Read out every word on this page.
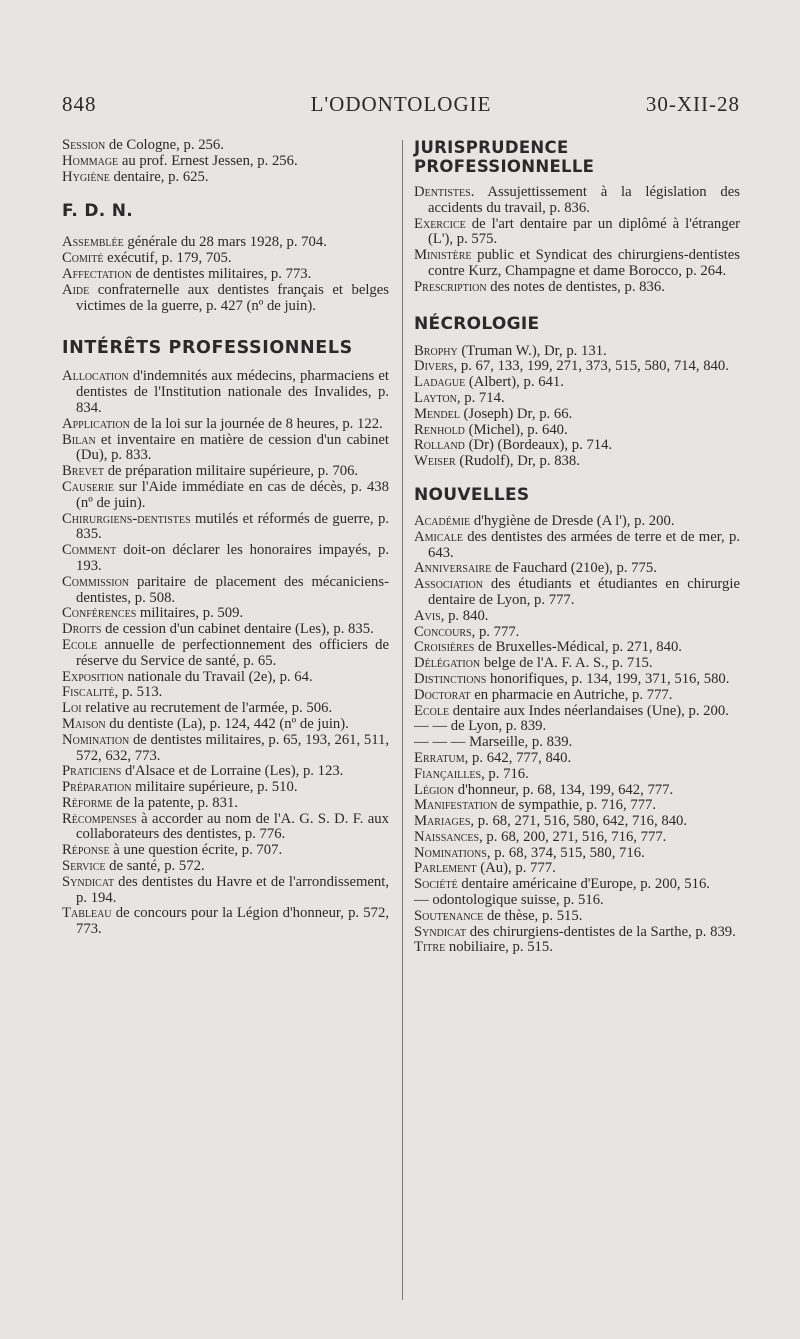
848	L'ODONTOLOGIE	30-XII-28

Session de Cologne, p. 256.

Hommage au prof. Ernest Jessen, p. 256.

Hygiène dentaire, p. 625.

F. D. N.

Assemblée générale du 28 mars 1928, p. 704.

Comité exécutif, p. 179, 705.

Affectation de dentistes militaires, p. 773.

Aide confraternelle aux dentistes français et belges victimes de la guerre, p. 427 (nº de juin).

INTÉRÊTS PROFESSIONNELS

Allocation d'indemnités aux médecins, pharmaciens et dentistes de l'Institution nationale des Invalides, p. 834.

Application de la loi sur la journée de 8 heures, p. 122.

Bilan et inventaire en matière de cession d'un cabinet (Du), p. 833.

Brevet de préparation militaire supérieure, p. 706.

Causerie sur l'Aide immédiate en cas de décès, p. 438 (nº de juin).

Chirurgiens-dentistes mutilés et réformés de guerre, p. 835.

Comment doit-on déclarer les honoraires impayés, p. 193.

Commission paritaire de placement des mécaniciens-dentistes, p. 508.

Conférences militaires, p. 509.

Droits de cession d'un cabinet dentaire (Les), p. 835.

Ecole annuelle de perfectionnement des officiers de réserve du Service de santé, p. 65.

Exposition nationale du Travail (2e), p. 64.

Fiscalité, p. 513.

Loi relative au recrutement de l'armée, p. 506.

Maison du dentiste (La), p. 124, 442 (nº de juin).

Nomination de dentistes militaires, p. 65, 193, 261, 511, 572, 632, 773.

Praticiens d'Alsace et de Lorraine (Les), p. 123.

Préparation militaire supérieure, p. 510.

Réforme de la patente, p. 831.

Récompenses à accorder au nom de l'A. G. S. D. F. aux collaborateurs des dentistes, p. 776.

Réponse à une question écrite, p. 707.

Service de santé, p. 572.

Syndicat des dentistes du Havre et de l'arrondissement, p. 194.

Tableau de concours pour la Légion d'honneur, p. 572, 773.

JURISPRUDENCE PROFESSIONNELLE

Dentistes. Assujettissement à la législation des accidents du travail, p. 836.

Exercice de l'art dentaire par un diplômé à l'étranger (L'), p. 575.

Ministère public et Syndicat des chirurgiens-dentistes contre Kurz, Champagne et dame Borocco, p. 264.

Prescription des notes de dentistes, p. 836.

NÉCROLOGIE

Brophy (Truman W.), Dr, p. 131.

Divers, p. 67, 133, 199, 271, 373, 515, 580, 714, 840.

Ladague (Albert), p. 641.

Layton, p. 714.

Mendel (Joseph) Dr, p. 66.

Renhold (Michel), p. 640.

Rolland (Dr) (Bordeaux), p. 714.

Weiser (Rudolf), Dr, p. 838.

NOUVELLES

Académie d'hygiène de Dresde (A l'), p. 200.

Amicale des dentistes des armées de terre et de mer, p. 643.

Anniversaire de Fauchard (210e), p. 775.

Association des étudiants et étudiantes en chirurgie dentaire de Lyon, p. 777.

Avis, p. 840.

Concours, p. 777.

Croisières de Bruxelles-Médical, p. 271, 840.

Délégation belge de l'A. F. A. S., p. 715.

Distinctions honorifiques, p. 134, 199, 371, 516, 580.

Doctorat en pharmacie en Autriche, p. 777.

Ecole dentaire aux Indes néerlandaises (Une), p. 200.

— — de Lyon, p. 839.

— — — Marseille, p. 839.

Erratum, p. 642, 777, 840.

Fiançailles, p. 716.

Légion d'honneur, p. 68, 134, 199, 642, 777.

Manifestation de sympathie, p. 716, 777.

Mariages, p. 68, 271, 516, 580, 642, 716, 840.

Naissances, p. 68, 200, 271, 516, 716, 777.

Nominations, p. 68, 374, 515, 580, 716.

Parlement (Au), p. 777.

Société dentaire américaine d'Europe, p. 200, 516.

— odontologique suisse, p. 516.

Soutenance de thèse, p. 515.

Syndicat des chirurgiens-dentistes de la Sarthe, p. 839.

Titre nobiliaire, p. 515.
